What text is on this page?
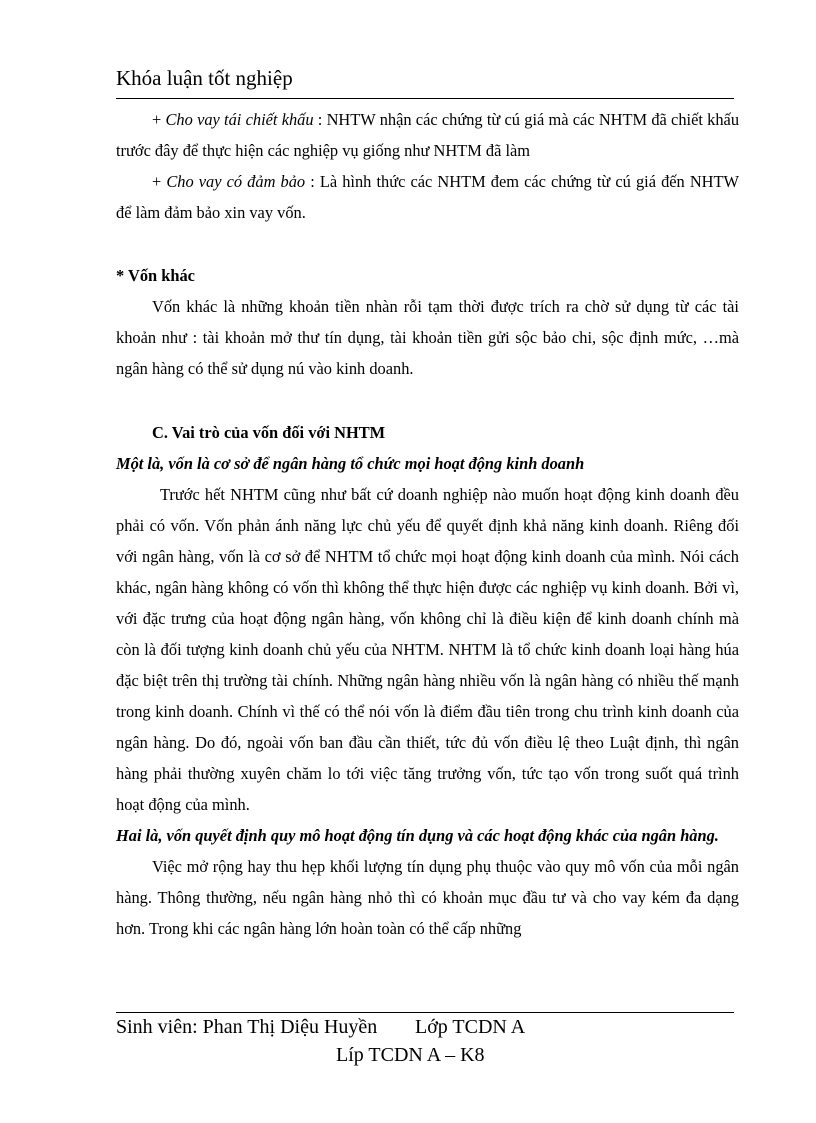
Khóa luận tốt nghiệp

+ Cho vay tái chiết khấu : NHTW nhận các chứng từ cú giá mà các NHTM đã chiết khấu trước đây để thực hiện các nghiệp vụ giống như NHTM đã làm

+ Cho vay có đảm bảo : Là hình thức các NHTM đem các chứng từ cú giá đến NHTW để làm đảm bảo xin vay vốn.

* Vốn khác

Vốn khác là những khoản tiền nhàn rỗi tạm thời được trích ra chờ sử dụng từ các tài khoản như : tài khoản mở thư tín dụng, tài khoản tiền gửi sộc bảo chi, sộc định mức, …mà ngân hàng có thể sử dụng nú vào kinh doanh.

C. Vai trò của vốn đối với NHTM

Một là, vốn là cơ sở để ngân hàng tổ chức mọi hoạt động kinh doanh

Trước hết NHTM cũng như bất cứ doanh nghiệp nào muốn hoạt động kinh doanh đều phải có vốn. Vốn phản ánh năng lực chủ yếu để quyết định khả năng kinh doanh. Riêng đối với ngân hàng, vốn là cơ sở để NHTM tổ chức mọi hoạt động kinh doanh của mình. Nói cách khác, ngân hàng không có vốn thì không thể thực hiện được các nghiệp vụ kinh doanh. Bởi vì, với đặc trưng của hoạt động ngân hàng, vốn không chỉ là điều kiện để kinh doanh chính mà còn là đối tượng kinh doanh chủ yếu của NHTM. NHTM là tổ chức kinh doanh loại hàng húa đặc biệt trên thị trường tài chính. Những ngân hàng nhiều vốn là ngân hàng có nhiều thế mạnh trong kinh doanh. Chính vì thế có thể nói vốn là điểm đầu tiên trong chu trình kinh doanh của ngân hàng. Do đó, ngoài vốn ban đầu cần thiết, tức đủ vốn điều lệ theo Luật định, thì ngân hàng phải thường xuyên chăm lo tới việc tăng trưởng vốn, tức tạo vốn trong suốt quá trình hoạt động của mình.

Hai là, vốn quyết định quy mô hoạt động tín dụng và các hoạt động khác của ngân hàng.

Việc mở rộng hay thu hẹp khối lượng tín dụng phụ thuộc vào quy mô vốn của mỗi ngân hàng. Thông thường, nếu ngân hàng nhỏ thì có khoản mục đầu tư và cho vay kém đa dạng hơn. Trong khi các ngân hàng lớn hoàn toàn có thể cấp những

Sinh viên: Phan Thị Diệu Huyền Lớp TCDN A
Líp TCDN A – K8
